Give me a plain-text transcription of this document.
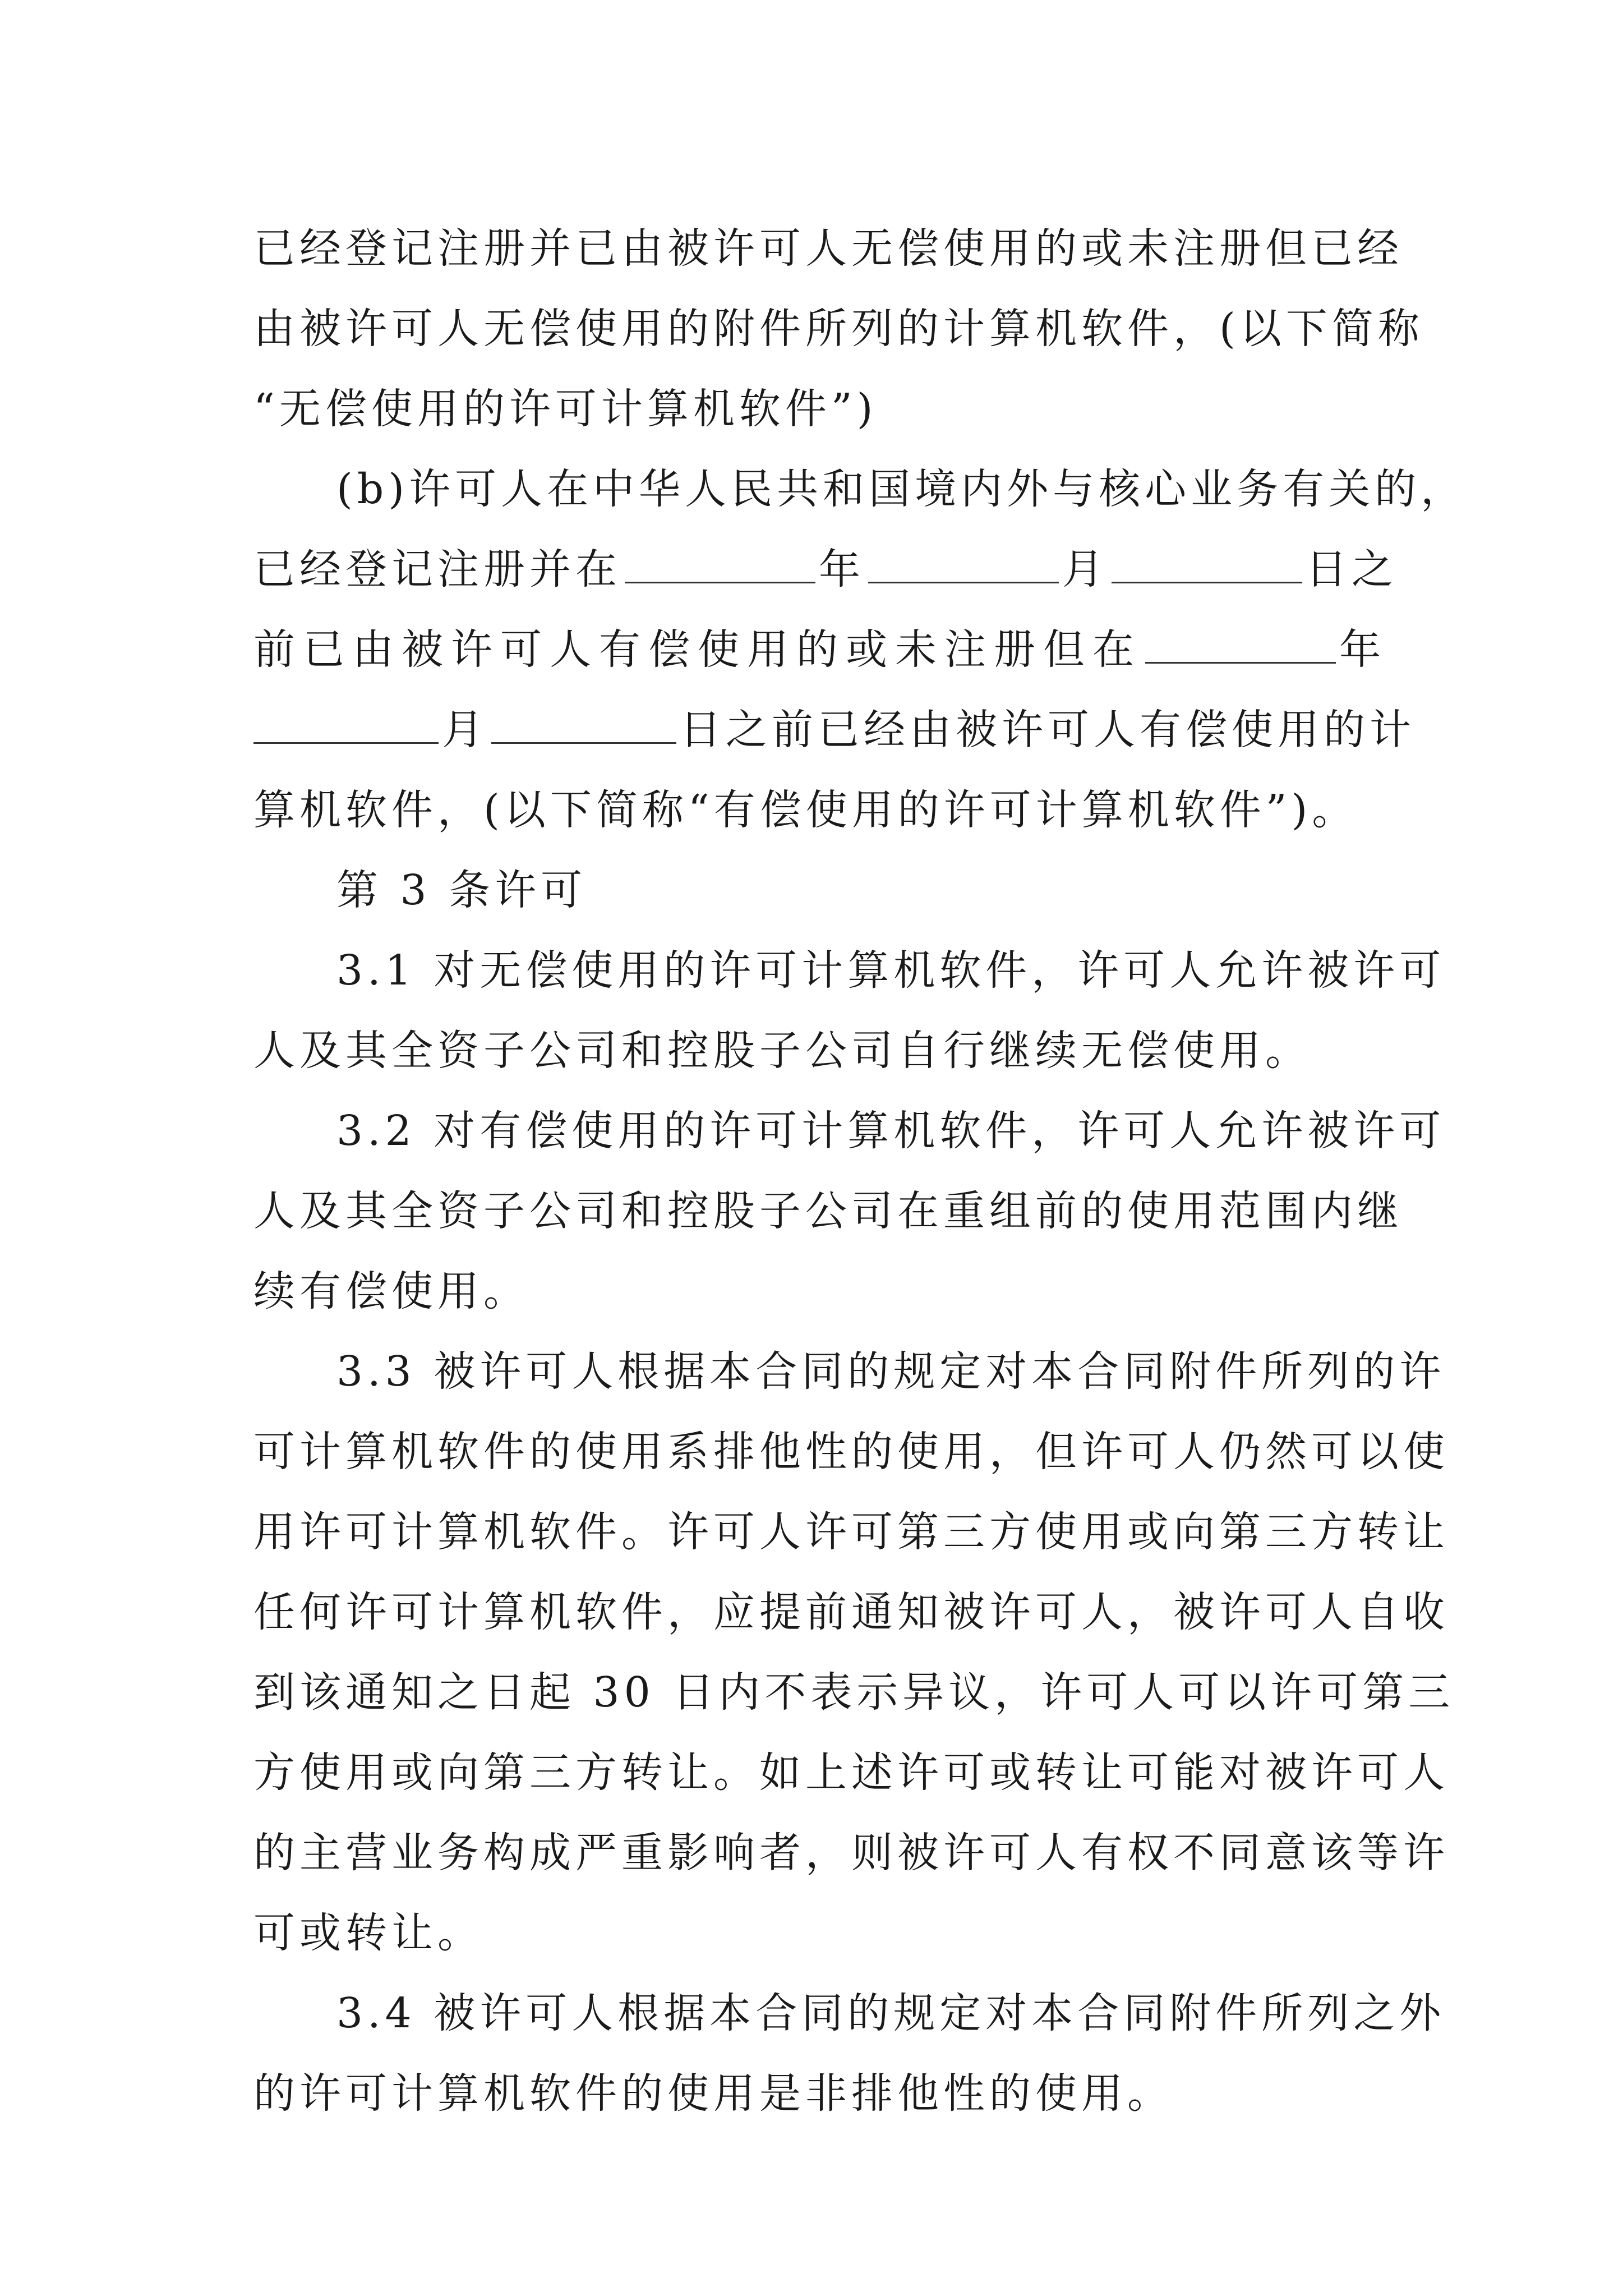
已经登记注册并已由被许可人无偿使用的或未注册但已经
由被许可人无偿使用的附件所列的计算机软件，(以下简称
“无偿使用的许可计算机软件”)
(b)许可人在中华人民共和国境内外与核心业务有关的，
已经登记注册并在	年	月	日之
前已由被许可人有偿使用的或未注册但在	年
月	日之前已经由被许可人有偿使用的计
算机软件，(以下简称“有偿使用的许可计算机软件”)。
第 3 条许可
3.1 对无偿使用的许可计算机软件，许可人允许被许可
人及其全资子公司和控股子公司自行继续无偿使用。
3.2 对有偿使用的许可计算机软件，许可人允许被许可
人及其全资子公司和控股子公司在重组前的使用范围内继
续有偿使用。
3.3 被许可人根据本合同的规定对本合同附件所列的许
可计算机软件的使用系排他性的使用，但许可人仍然可以使
用许可计算机软件。许可人许可第三方使用或向第三方转让
任何许可计算机软件，应提前通知被许可人，被许可人自收
到该通知之日起 30 日内不表示异议，许可人可以许可第三
方使用或向第三方转让。如上述许可或转让可能对被许可人
的主营业务构成严重影响者，则被许可人有权不同意该等许
可或转让。
3.4 被许可人根据本合同的规定对本合同附件所列之外
的许可计算机软件的使用是非排他性的使用。
